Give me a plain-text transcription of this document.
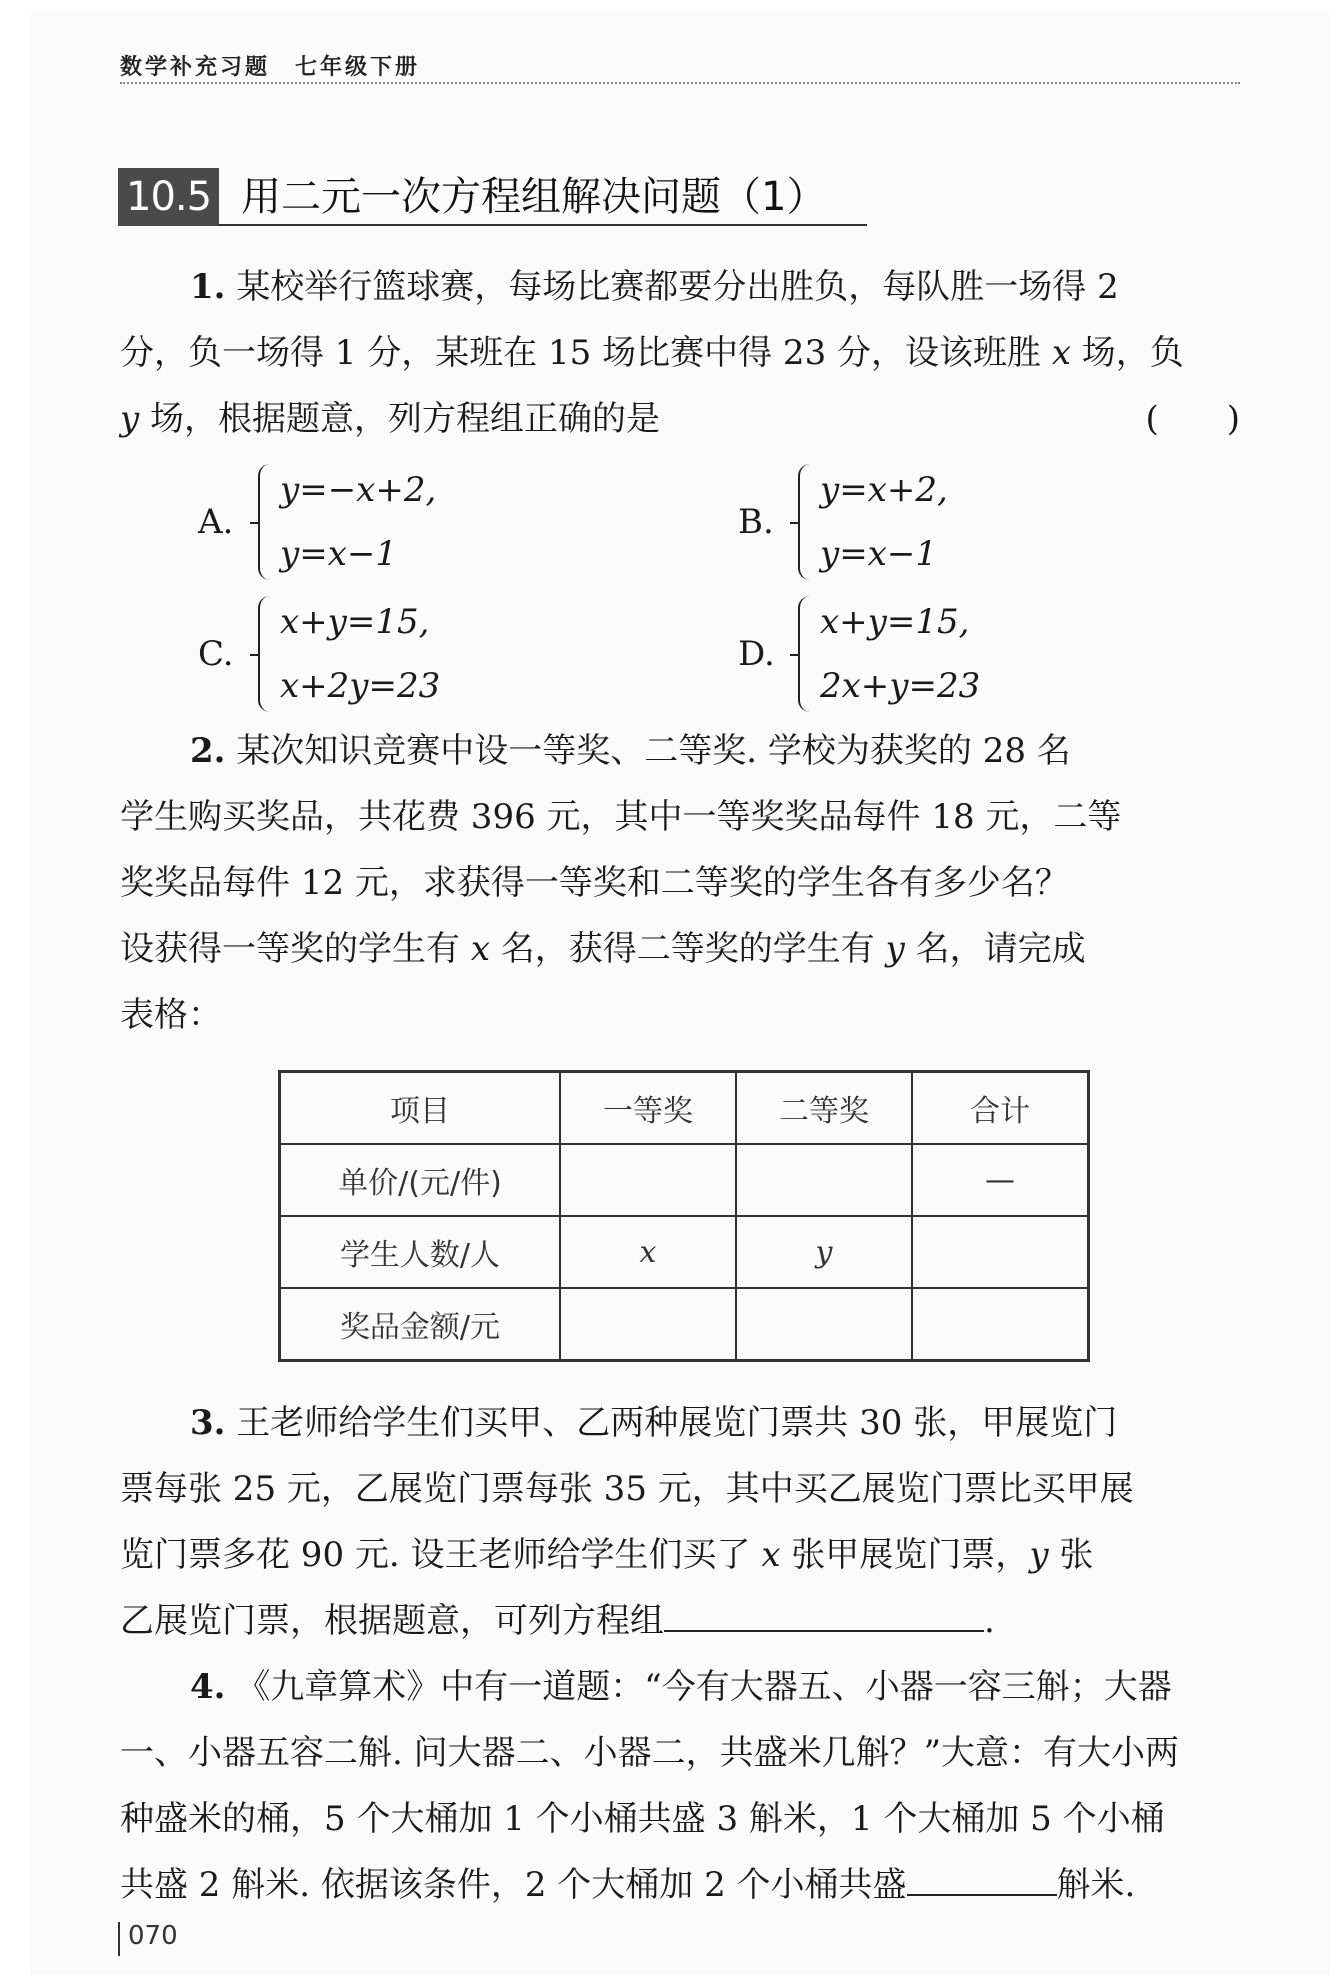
数学补充习题　七年级下册
10.5 用二元一次方程组解决问题（1）
1. 某校举行篮球赛，每场比赛都要分出胜负，每队胜一场得 2
分，负一场得 1 分，某班在 15 场比赛中得 23 分，设该班胜 x 场，负
y 场，根据题意，列方程组正确的是	(　　)
A.
y=−x+2,
y=x−1
B.
y=x+2,
y=x−1
C.
x+y=15,
x+2y=23
D.
x+y=15,
2x+y=23
2. 某次知识竞赛中设一等奖、二等奖. 学校为获奖的 28 名
学生购买奖品，共花费 396 元，其中一等奖奖品每件 18 元，二等
奖奖品每件 12 元，求获得一等奖和二等奖的学生各有多少名？
设获得一等奖的学生有 x 名，获得二等奖的学生有 y 名，请完成
表格：
项目	一等奖	二等奖	合计
单价/(元/件)			—
学生人数/人	x	y	
奖品金额/元			
3. 王老师给学生们买甲、乙两种展览门票共 30 张，甲展览门
票每张 25 元，乙展览门票每张 35 元，其中买乙展览门票比买甲展
览门票多花 90 元. 设王老师给学生们买了 x 张甲展览门票，y 张
乙展览门票，根据题意，可列方程组	.
4. 《九章算术》中有一道题：“今有大器五、小器一容三斛；大器
一、小器五容二斛. 问大器二、小器二，共盛米几斛？”大意：有大小两
种盛米的桶，5 个大桶加 1 个小桶共盛 3 斛米，1 个大桶加 5 个小桶
共盛 2 斛米. 依据该条件，2 个大桶加 2 个小桶共盛	斛米.
070
